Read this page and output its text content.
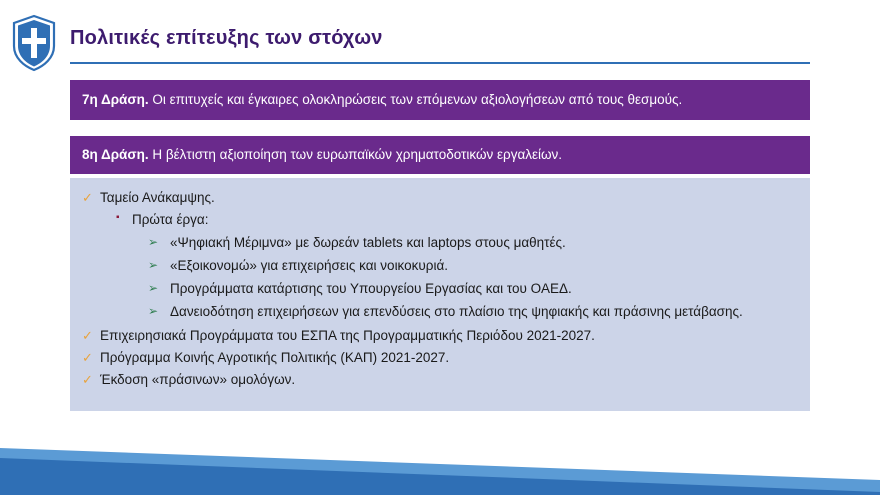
Πολιτικές επίτευξης των στόχων
7η Δράση. Οι επιτυχείς και έγκαιρες ολοκληρώσεις των επόμενων αξιολογήσεων από τους θεσμούς.
8η Δράση. Η βέλτιστη αξιοποίηση των ευρωπαϊκών χρηματοδοτικών εργαλείων.
✓ Ταμείο Ανάκαμψης.
▪ Πρώτα έργα:
➢ «Ψηφιακή Μέριμνα» με δωρεάν tablets και laptops στους μαθητές.
➢ «Εξοικονομώ» για επιχειρήσεις και νοικοκυριά.
➢ Προγράμματα κατάρτισης του Υπουργείου Εργασίας και του ΟΑΕΔ.
➢ Δανειοδότηση επιχειρήσεων για επενδύσεις στο πλαίσιο της ψηφιακής και πράσινης μετάβασης.
✓ Επιχειρησιακά Προγράμματα του ΕΣΠΑ της Προγραμματικής Περιόδου 2021-2027.
✓ Πρόγραμμα Κοινής Αγροτικής Πολιτικής (ΚΑΠ) 2021-2027.
✓ Έκδοση «πράσινων» ομολόγων.
